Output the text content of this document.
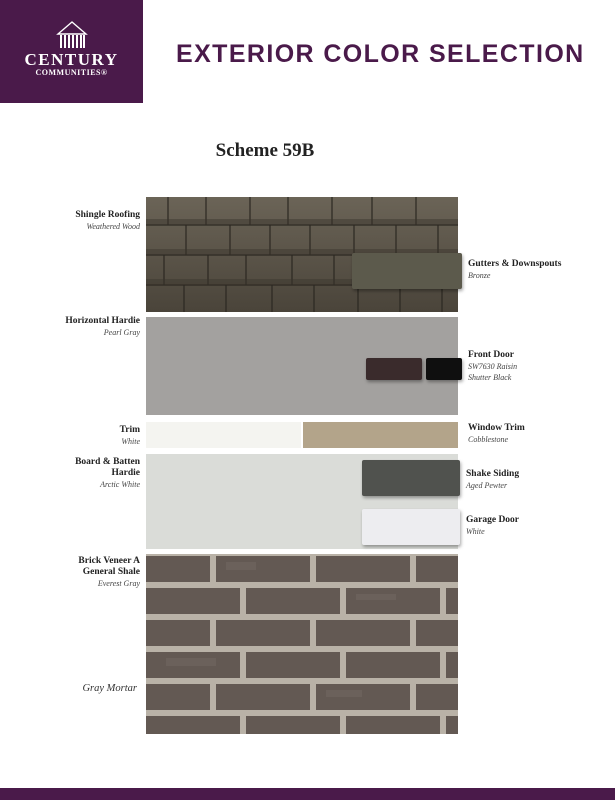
CENTURY
COMMUNITIES®
EXTERIOR COLOR SELECTION
Scheme 59B
Shingle Roofing
Weathered Wood
Horizontal Hardie
Pearl Gray
Trim
White
Board & Batten
Hardie
Arctic White
Brick Veneer A
General Shale
Everest Gray
Gray Mortar
Gutters & Downspouts
Bronze
Front Door
SW7630 Raisin
Shutter Black
Window Trim
Cobblestone
Shake Siding
Aged Pewter
Garage Door
White
